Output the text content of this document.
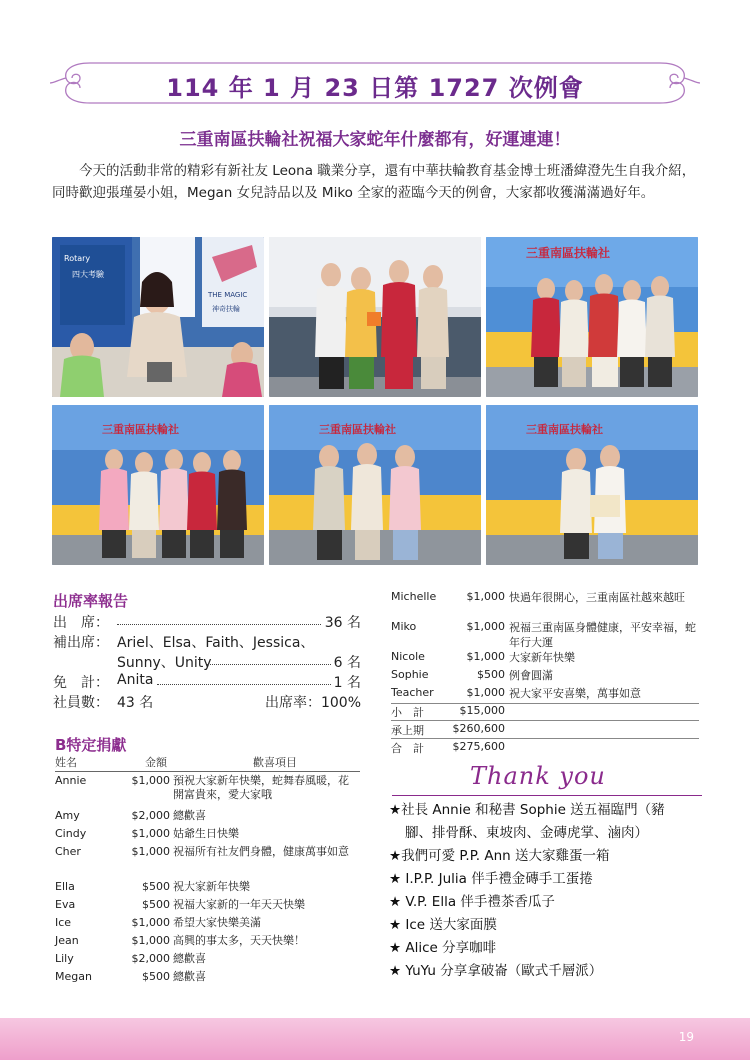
114 年 1 月 23 日第 1727 次例會
三重南區扶輪社祝福大家蛇年什麼都有，好運連連！
今天的活動非常的精彩有新社友 Leona 職業分享，還有中華扶輪教育基金博士班潘緯澄先生自我介紹，同時歡迎張瑾晏小姐，Megan 女兒詩品以及 Miko 全家的蒞臨今天的例會，大家都收獲滿滿過好年。
Rotary
四大考驗
THE MAGIC
神奇扶輪
三重南區扶輪社
三重南區扶輪社	三重南區扶輪社	三重南區扶輪社
出席率報告
出　席：	36 名
補出席： Ariel、Elsa、Faith、Jessica、
Sunny、Unity	6 名
免　計： Anita	1 名
社員數： 43 名	出席率：100%
B特定捐獻
姓名	金額	歡喜項目
Annie	$1,000 預祝大家新年快樂，蛇舞春風暖，花開富貴來，愛大家哦
Amy	$2,000 總歡喜
Cindy	$1,000 姑爺生日快樂
Cher	$1,000 祝福所有社友們身體，健康萬事如意
Ella	$500 祝大家新年快樂
Eva	$500 祝福大家新的一年天天快樂
Ice	$1,000 希望大家快樂美滿
Jean	$1,000 高興的事太多，天天快樂！
Lily	$2,000 總歡喜
Megan	$500 總歡喜
Michelle	$1,000 快過年很開心，三重南區社越來越旺
Miko	$1,000 祝福三重南區身體健康，平安幸福，蛇年行大運
Nicole	$1,000 大家新年快樂
Sophie	$500 例會圓滿
Teacher	$1,000 祝大家平安喜樂，萬事如意
小　計	$15,000
承上期	$260,600
合　計	$275,600
Thank you
★社長 Annie 和秘書 Sophie 送五福臨門（豬
腳、排骨酥、東坡肉、金磚虎掌、滷肉）
★我們可愛 P.P. Ann 送大家雞蛋一箱
★ I.P.P. Julia 伴手禮金磚手工蛋捲
★ V.P. Ella 伴手禮茶香瓜子
★ Ice 送大家面膜
★ Alice 分享咖啡
★ YuYu 分享拿破崙（歐式千層派）
19
